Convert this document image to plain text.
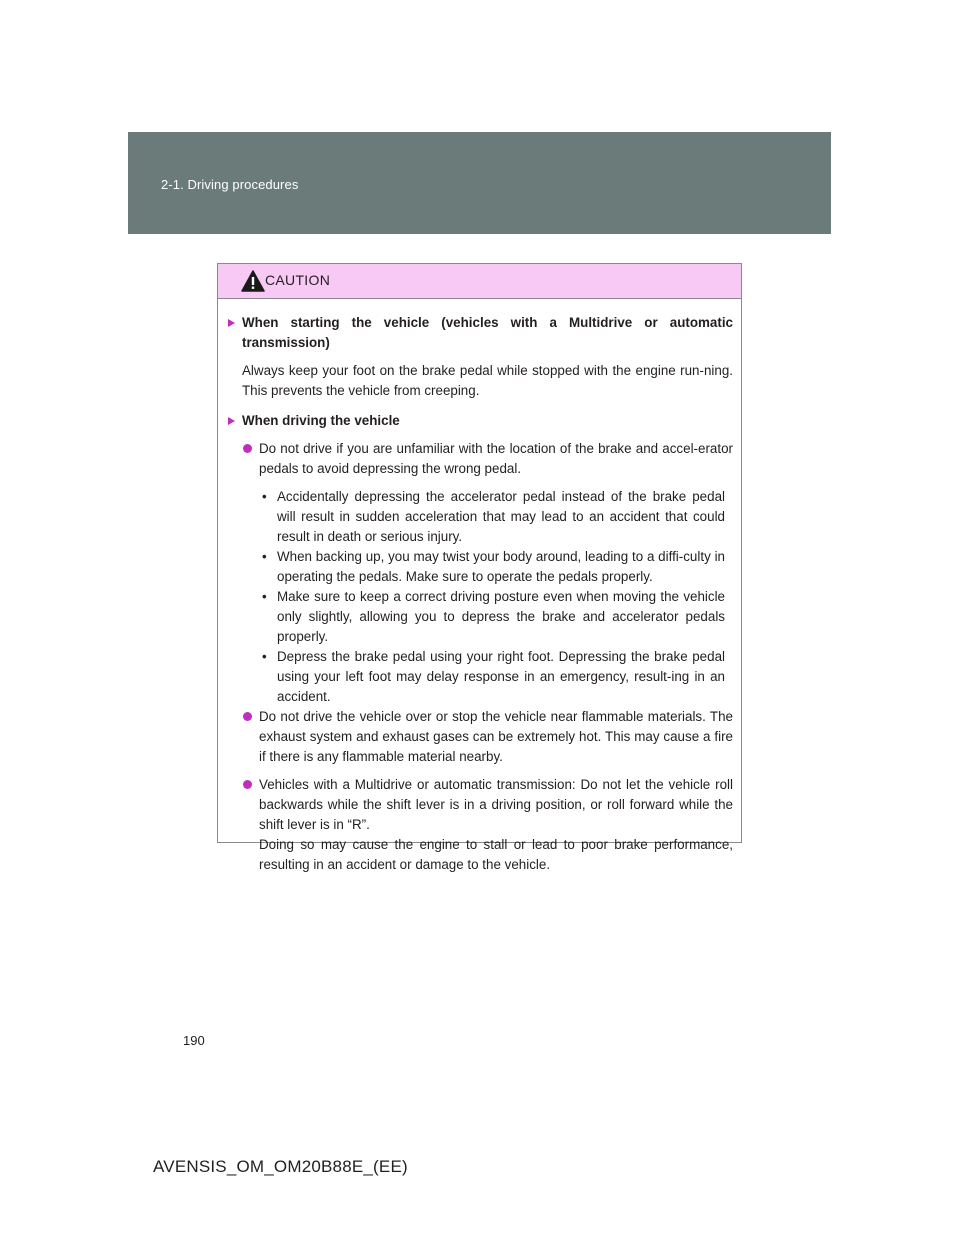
2-1. Driving procedures
CAUTION

When starting the vehicle (vehicles with a Multidrive or automatic transmission)

Always keep your foot on the brake pedal while stopped with the engine run-ning. This prevents the vehicle from creeping.

When driving the vehicle

Do not drive if you are unfamiliar with the location of the brake and accel-erator pedals to avoid depressing the wrong pedal.

• Accidentally depressing the accelerator pedal instead of the brake pedal will result in sudden acceleration that may lead to an accident that could result in death or serious injury.

• When backing up, you may twist your body around, leading to a diffi-culty in operating the pedals. Make sure to operate the pedals properly.

• Make sure to keep a correct driving posture even when moving the vehicle only slightly, allowing you to depress the brake and accelerator pedals properly.

• Depress the brake pedal using your right foot. Depressing the brake pedal using your left foot may delay response in an emergency, result-ing in an accident.

Do not drive the vehicle over or stop the vehicle near flammable materials. The exhaust system and exhaust gases can be extremely hot. This may cause a fire if there is any flammable material nearby.

Vehicles with a Multidrive or automatic transmission: Do not let the vehicle roll backwards while the shift lever is in a driving position, or roll forward while the shift lever is in “R”.

Doing so may cause the engine to stall or lead to poor brake performance, resulting in an accident or damage to the vehicle.

190
AVENSIS_OM_OM20B88E_(EE)
